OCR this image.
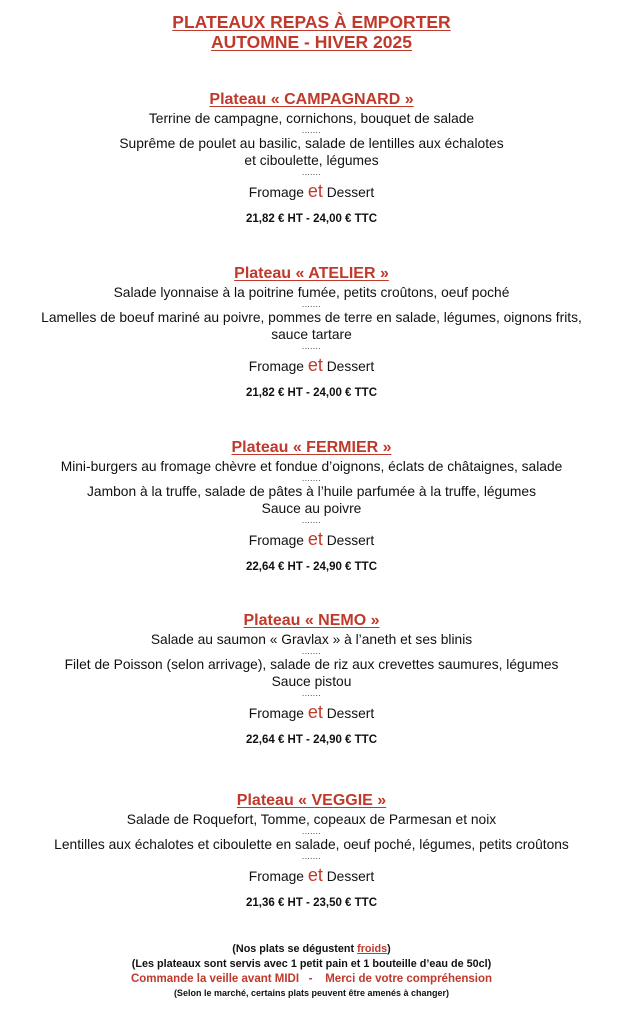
PLATEAUX REPAS À EMPORTER
AUTOMNE - HIVER 2025
Plateau « CAMPAGNARD »
Terrine de campagne, cornichons, bouquet de salade
.......
Suprême de poulet au basilic, salade de lentilles aux échalotes
et ciboulette, légumes
.......
Fromage et Dessert
21,82 € HT - 24,00 € TTC
Plateau « ATELIER »
Salade lyonnaise à la poitrine fumée, petits croûtons, oeuf poché
.......
Lamelles de boeuf mariné au poivre, pommes de terre en salade, légumes, oignons frits,
sauce tartare
.......
Fromage et Dessert
21,82 € HT - 24,00 € TTC
Plateau « FERMIER »
Mini-burgers au fromage chèvre et fondue d’oignons, éclats de châtaignes, salade
.......
Jambon à la truffe, salade de pâtes à l’huile parfumée à la truffe, légumes
Sauce au poivre
.......
Fromage et Dessert
22,64 € HT - 24,90 € TTC
Plateau « NEMO »
Salade au saumon « Gravlax » à l’aneth et ses blinis
.......
Filet de Poisson (selon arrivage), salade de riz aux crevettes saumures, légumes
Sauce pistou
.......
Fromage et Dessert
22,64 € HT - 24,90 € TTC
Plateau « VEGGIE »
Salade de Roquefort, Tomme, copeaux de Parmesan et noix
.......
Lentilles aux échalotes et ciboulette en salade, oeuf poché, légumes, petits croûtons
.......
Fromage et Dessert
21,36 € HT - 23,50 € TTC
(Nos plats se dégustent froids)
(Les plateaux sont servis avec 1 petit pain et 1 bouteille d’eau de 50cl)
Commande la veille avant MIDI   -    Merci de votre compréhension
(Selon le marché, certains plats peuvent être amenés à changer)
